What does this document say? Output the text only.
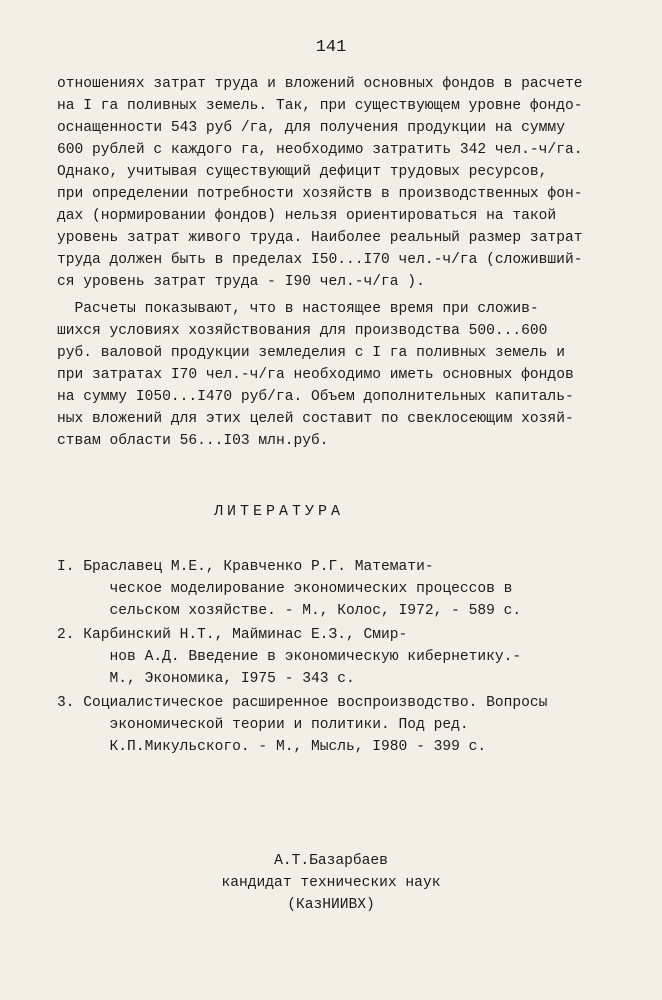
141
отношениях затрат труда и вложений основных фондов в расчете
на I га поливных земель. Так, при существующем уровне фондо-
оснащенности 543 руб /га, для получения продукции на сумму
600 рублей с каждого га, необходимо затратить 342 чел.-ч/га.
Однако, учитывая существующий дефицит трудовых ресурсов,
при определении потребности хозяйств в производственных фон-
дах (нормировании фондов) нельзя ориентироваться на такой
уровень затрат живого труда. Наиболее реальный размер затрат
труда должен быть в пределах I50...I70 чел.-ч/га (сложивший-
ся уровень затрат труда - I90 чел.-ч/га ).
Расчеты показывают, что в настоящее время при сложив-
шихся условиях хозяйствования для производства 500...600
руб. валовой продукции земледелия с I га поливных земель и
при затратах I70 чел.-ч/га необходимо иметь основных фондов
на сумму I050...I470 руб/га. Объем дополнительных капиталь-
ных вложений для этих целей составит по свеклосеющим хозяй-
ствам области 56...I03 млн.руб.
ЛИТЕРАТУРА
I. Браславец М.Е., Кравченко Р.Г. Математи-
ческое моделирование экономических процессов в
сельском хозяйстве. - М., Колос, I972, - 589 с.
2. Карбинский Н.Т., Майминас Е.З., Смир-
нов А.Д. Введение в экономическую кибернетику.-
М., Экономика, I975 - 343 с.
3. Социалистическое расширенное воспроизводство. Вопросы
экономической теории и политики. Под ред.
К.П.Микульского. - М., Мысль, I980 - 399 с.
А.Т.Базарбаев
кандидат технических наук
(КазНИИВХ)
